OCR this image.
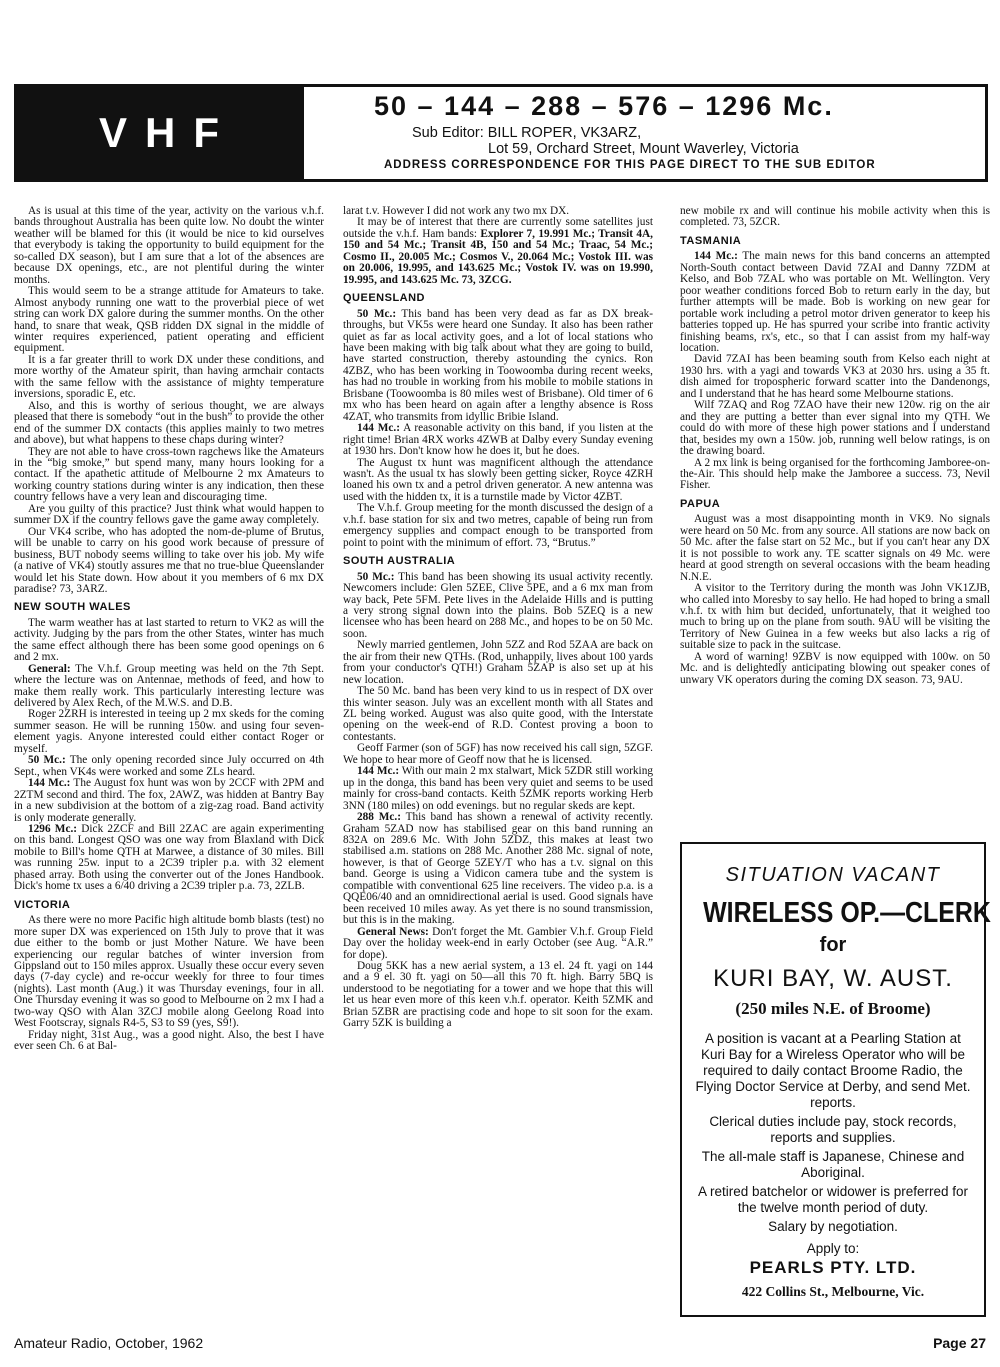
VHF
50 – 144 – 288 – 576 – 1296 Mc.
Sub Editor: BILL ROPER, VK3ARZ,
Lot 59, Orchard Street, Mount Waverley, Victoria
ADDRESS CORRESPONDENCE FOR THIS PAGE DIRECT TO THE SUB EDITOR

As is usual at this time of the year, activity on the various v.h.f. bands throughout Australia has been quite low. No doubt the winter weather will be blamed for this (it would be nice to kid ourselves that everybody is taking the opportunity to build equipment for the so-called DX season), but I am sure that a lot of the absences are because DX openings, etc., are not plentiful during the winter months.

This would seem to be a strange attitude for Amateurs to take. Almost anybody running one watt to the proverbial piece of wet string can work DX galore during the summer months. On the other hand, to snare that weak, QSB ridden DX signal in the middle of winter requires experienced, patient operating and efficient equipment.

It is a far greater thrill to work DX under these conditions, and more worthy of the Amateur spirit, than having armchair contacts with the same fellow with the assistance of mighty temperature inversions, sporadic E, etc.

Also, and this is worthy of serious thought, we are always pleased that there is somebody “out in the bush” to provide the other end of the summer DX contacts (this applies mainly to two metres and above), but what happens to these chaps during winter?

They are not able to have cross-town ragchews like the Amateurs in the “big smoke,” but spend many, many hours looking for a contact. If the apathetic attitude of Melbourne 2 mx Amateurs to working country stations during winter is any indication, then these country fellows have a very lean and discouraging time.

Are you guilty of this practice? Just think what would happen to summer DX if the country fellows gave the game away completely.

Our VK4 scribe, who has adopted the nom-de-plume of Brutus, will be unable to carry on his good work because of pressure of business, BUT nobody seems willing to take over his job. My wife (a native of VK4) stoutly assures me that no true-blue Queenslander would let his State down. How about it you members of 6 mx DX paradise? 73, 3ARZ.

NEW SOUTH WALES

The warm weather has at last started to return to VK2 as will the activity. Judging by the pars from the other States, winter has much the same effect although there has been some good openings on 6 and 2 mx.

General: The V.h.f. Group meeting was held on the 7th Sept. where the lecture was on Antennae, methods of feed, and how to make them really work. This particularly interesting lecture was delivered by Alex Rech, of the M.W.S. and D.B.

Roger 2ZRH is interested in teeing up 2 mx skeds for the coming summer season. He will be running 150w. and using four seven-element yagis. Anyone interested could either contact Roger or myself.

50 Mc.: The only opening recorded since July occurred on 4th Sept., when VK4s were worked and some ZLs heard.

144 Mc.: The August fox hunt was won by 2CCF with 2PM and 2ZTM second and third. The fox, 2AWZ, was hidden at Bantry Bay in a new subdivision at the bottom of a zig-zag road. Band activity is only moderate generally.

1296 Mc.: Dick 2ZCF and Bill 2ZAC are again experimenting on this band. Longest QSO was one way from Blaxland with Dick mobile to Bill's home QTH at Marwee, a distance of 30 miles. Bill was running 25w. input to a 2C39 tripler p.a. with 32 element phased array. Both using the converter out of the Jones Handbook. Dick's home tx uses a 6/40 driving a 2C39 tripler p.a. 73, 2ZLB.

VICTORIA

As there were no more Pacific high altitude bomb blasts (test) no more super DX was experienced on 15th July to prove that it was due either to the bomb or just Mother Nature. We have been experiencing our regular batches of winter inversion from Gippsland out to 150 miles approx. Usually these occur every seven days (7-day cycle) and re-occur weekly for three to four times (nights). Last month (Aug.) it was Thursday evenings, four in all. One Thursday evening it was so good to Melbourne on 2 mx I had a two-way QSO with Alan 3ZCJ mobile along Geelong Road into West Footscray, signals R4-5, S3 to S9 (yes, S9!).

Friday night, 31st Aug., was a good night. Also, the best I have ever seen Ch. 6 at Bal-

larat t.v. However I did not work any two mx DX.

It may be of interest that there are currently some satellites just outside the v.h.f. Ham bands: Explorer 7, 19.991 Mc.; Transit 4A, 150 and 54 Mc.; Transit 4B, 150 and 54 Mc.; Traac, 54 Mc.; Cosmo II., 20.005 Mc.; Cosmos V., 20.064 Mc.; Vostok III. was on 20.006, 19.995, and 143.625 Mc.; Vostok IV. was on 19.990, 19.995, and 143.625 Mc. 73, 3ZCG.

QUEENSLAND

50 Mc.: This band has been very dead as far as DX break-throughs, but VK5s were heard one Sunday. It also has been rather quiet as far as local activity goes, and a lot of local stations who have been making with big talk about what they are going to build, have started construction, thereby astounding the cynics. Ron 4ZBZ, who has been working in Toowoomba during recent weeks, has had no trouble in working from his mobile to mobile stations in Brisbane (Toowoomba is 80 miles west of Brisbane). Old timer of 6 mx who has been heard on again after a lengthy absence is Ross 4ZAT, who transmits from idyllic Bribie Island.

144 Mc.: A reasonable activity on this band, if you listen at the right time! Brian 4RX works 4ZWB at Dalby every Sunday evening at 1930 hrs. Don't know how he does it, but he does.

The August tx hunt was magnificent although the attendance wasn't. As the usual tx has slowly been getting sicker, Royce 4ZRH loaned his own tx and a petrol driven generator. A new antenna was used with the hidden tx, it is a turnstile made by Victor 4ZBT.

The V.h.f. Group meeting for the month discussed the design of a v.h.f. base station for six and two metres, capable of being run from emergency supplies and compact enough to be transported from point to point with the minimum of effort. 73, “Brutus.”

SOUTH AUSTRALIA

50 Mc.: This band has been showing its usual activity recently. Newcomers include: Glen 5ZEE, Clive 5PE, and a 6 mx man from way back, Pete 5FM. Pete lives in the Adelaide Hills and is putting a very strong signal down into the plains. Bob 5ZEQ is a new licensee who has been heard on 288 Mc., and hopes to be on 50 Mc. soon.

Newly married gentlemen, John 5ZZ and Rod 5ZAA are back on the air from their new QTHs. (Rod, unhappily, lives about 100 yards from your conductor's QTH!) Graham 5ZAP is also set up at his new location.

The 50 Mc. band has been very kind to us in respect of DX over this winter season. July was an excellent month with all States and ZL being worked. August was also quite good, with the Interstate opening on the week-end of R.D. Contest proving a boon to contestants.

Geoff Farmer (son of 5GF) has now received his call sign, 5ZGF. We hope to hear more of Geoff now that he is licensed.

144 Mc.: With our main 2 mx stalwart, Mick 5ZDR still working up in the donga, this band has been very quiet and seems to be used mainly for cross-band contacts. Keith 5ZMK reports working Herb 3NN (180 miles) on odd evenings. but no regular skeds are kept.

288 Mc.: This band has shown a renewal of activity recently. Graham 5ZAD now has stabilised gear on this band running an 832A on 289.6 Mc. With John 5ZDZ, this makes at least two stabilised a.m. stations on 288 Mc. Another 288 Mc. signal of note, however, is that of George 5ZEY/T who has a t.v. signal on this band. George is using a Vidicon camera tube and the system is compatible with conventional 625 line receivers. The video p.a. is a QQE06/40 and an omnidirectional aerial is used. Good signals have been received 10 miles away. As yet there is no sound transmission, but this is in the making.

General News: Don't forget the Mt. Gambier V.h.f. Group Field Day over the holiday week-end in early October (see Aug. “A.R.” for dope).

Doug 5KK has a new aerial system, a 13 el. 24 ft. yagi on 144 and a 9 el. 30 ft. yagi on 50—all this 70 ft. high. Barry 5BQ is understood to be negotiating for a tower and we hope that this will let us hear even more of this keen v.h.f. operator. Keith 5ZMK and Brian 5ZBR are practising code and hope to sit soon for the exam. Garry 5ZK is building a

new mobile rx and will continue his mobile activity when this is completed. 73, 5ZCR.

TASMANIA

144 Mc.: The main news for this band concerns an attempted North-South contact between David 7ZAI and Danny 7ZDM at Kelso, and Bob 7ZAL who was portable on Mt. Wellington. Very poor weather conditions forced Bob to return early in the day, but further attempts will be made. Bob is working on new gear for portable work including a petrol motor driven generator to keep his batteries topped up. He has spurred your scribe into frantic activity finishing beams, rx's, etc., so that I can assist from my half-way location.

David 7ZAI has been beaming south from Kelso each night at 1930 hrs. with a yagi and towards VK3 at 2030 hrs. using a 35 ft. dish aimed for tropospheric forward scatter into the Dandenongs, and I understand that he has heard some Melbourne stations.

Wilf 7ZAQ and Rog 7ZAO have their new 120w. rig on the air and they are putting a better than ever signal into my QTH. We could do with more of these high power stations and I understand that, besides my own a 150w. job, running well below ratings, is on the drawing board.

A 2 mx link is being organised for the forthcoming Jamboree-on-the-Air. This should help make the Jamboree a success. 73, Nevil Fisher.

PAPUA

August was a most disappointing month in VK9. No signals were heard on 50 Mc. from any source. All stations are now back on 50 Mc. after the false start on 52 Mc., but if you can't hear any DX it is not possible to work any. TE scatter signals on 49 Mc. were heard at good strength on several occasions with the beam heading N.N.E.

A visitor to the Territory during the month was John VK1ZJB, who called into Moresby to say hello. He had hoped to bring a small v.h.f. tx with him but decided, unfortunately, that it weighed too much to bring up on the plane from south. 9AU will be visiting the Territory of New Guinea in a few weeks but also lacks a rig of suitable size to pack in the suitcase.

A word of warning! 9ZBV is now equipped with 100w. on 50 Mc. and is delightedly anticipating blowing out speaker cones of unwary VK operators during the coming DX season. 73, 9AU.

SITUATION VACANT
WIRELESS OP.—CLERK
for
KURI BAY, W. AUST.
(250 miles N.E. of Broome)

A position is vacant at a Pearling Station at Kuri Bay for a Wireless Operator who will be required to daily contact Broome Radio, the Flying Doctor Service at Derby, and send Met. reports.

Clerical duties include pay, stock records, reports and supplies.

The all-male staff is Japanese, Chinese and Aboriginal.

A retired batchelor or widower is preferred for the twelve month period of duty.

Salary by negotiation.

Apply to:
PEARLS PTY. LTD.
422 Collins St., Melbourne, Vic.
Amateur Radio, October, 1962	Page 27
